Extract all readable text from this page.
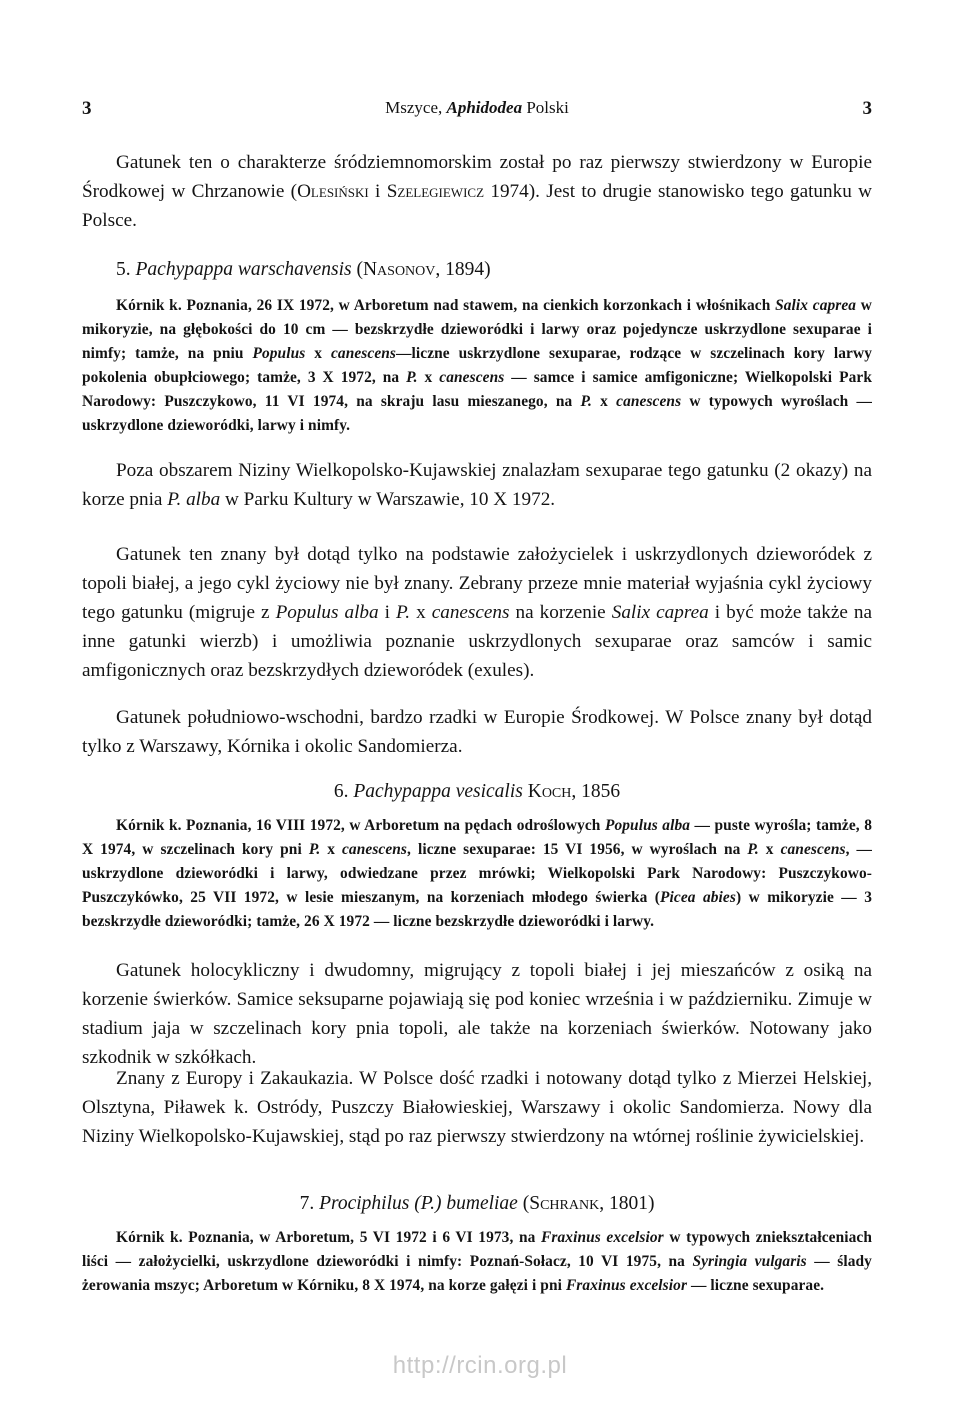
3	Mszyce, Aphidodea Polski	3

Gatunek ten o charakterze śródziemnomorskim został po raz pierwszy stwierdzony w Europie Środkowej w Chrzanowie (Olesiński i Szelegiewicz 1974). Jest to drugie stanowisko tego gatunku w Polsce.

5. Pachypappa warschavensis (Nasonov, 1894)

Kórnik k. Poznania, 26 IX 1972, w Arboretum nad stawem, na cienkich korzonkach i włośnikach Salix caprea w mikoryzie, na głębokości do 10 cm — bezskrzydłe dzieworódki i larwy oraz pojedyncze uskrzydlone sexuparae i nimfy; tamże, na pniu Populus x canescens—liczne uskrzydlone sexuparae, rodzące w szczelinach kory larwy pokolenia obupłciowego; tamże, 3 X 1972, na P. x canescens — samce i samice amfigoniczne; Wielkopolski Park Narodowy: Puszczykowo, 11 VI 1974, na skraju lasu mieszanego, na P. x canescens w typowych wyroślach — uskrzydlone dzieworódki, larwy i nimfy.

Poza obszarem Niziny Wielkopolsko-Kujawskiej znalazłam sexuparae tego gatunku (2 okazy) na korze pnia P. alba w Parku Kultury w Warszawie, 10 X 1972.

Gatunek ten znany był dotąd tylko na podstawie założycielek i uskrzydlonych dzieworódek z topoli białej, a jego cykl życiowy nie był znany. Zebrany przeze mnie materiał wyjaśnia cykl życiowy tego gatunku (migruje z Populus alba i P. x canescens na korzenie Salix caprea i być może także na inne gatunki wierzb) i umożliwia poznanie uskrzydlonych sexuparae oraz samców i samic amfigonicznych oraz bezskrzydłych dzieworódek (exules).

Gatunek południowo-wschodni, bardzo rzadki w Europie Środkowej. W Polsce znany był dotąd tylko z Warszawy, Kórnika i okolic Sandomierza.

6. Pachypappa vesicalis Koch, 1856

Kórnik k. Poznania, 16 VIII 1972, w Arboretum na pędach odroślowych Populus alba — puste wyrośla; tamże, 8 X 1974, w szczelinach kory pni P. x canescens, liczne sexuparae: 15 VI 1956, w wyroślach na P. x canescens, — uskrzydlone dzieworódki i larwy, odwiedzane przez mrówki; Wielkopolski Park Narodowy: Puszczykowo-Puszczykówko, 25 VII 1972, w lesie mieszanym, na korzeniach młodego świerka (Picea abies) w mikoryzie — 3 bezskrzydłe dzieworódki; tamże, 26 X 1972 — liczne bezskrzydłe dzieworódki i larwy.

Gatunek holocykliczny i dwudomny, migrujący z topoli białej i jej mieszańców z osiką na korzenie świerków. Samice seksuparne pojawiają się pod koniec września i w październiku. Zimuje w stadium jaja w szczelinach kory pnia topoli, ale także na korzeniach świerków. Notowany jako szkodnik w szkółkach.

Znany z Europy i Zakaukazia. W Polsce dość rzadki i notowany dotąd tylko z Mierzei Helskiej, Olsztyna, Piławek k. Ostródy, Puszczy Białowieskiej, Warszawy i okolic Sandomierza. Nowy dla Niziny Wielkopolsko-Kujawskiej, stąd po raz pierwszy stwierdzony na wtórnej roślinie żywicielskiej.

7. Prociphilus (P.) bumeliae (Schrank, 1801)

Kórnik k. Poznania, w Arboretum, 5 VI 1972 i 6 VI 1973, na Fraxinus excelsior w typowych zniekształceniach liści — założycielki, uskrzydlone dzieworódki i nimfy: Poznań-Sołacz, 10 VI 1975, na Syringia vulgaris — ślady żerowania mszyc; Arboretum w Kórniku, 8 X 1974, na korze gałęzi i pni Fraxinus excelsior — liczne sexuparae.

http://rcin.org.pl
